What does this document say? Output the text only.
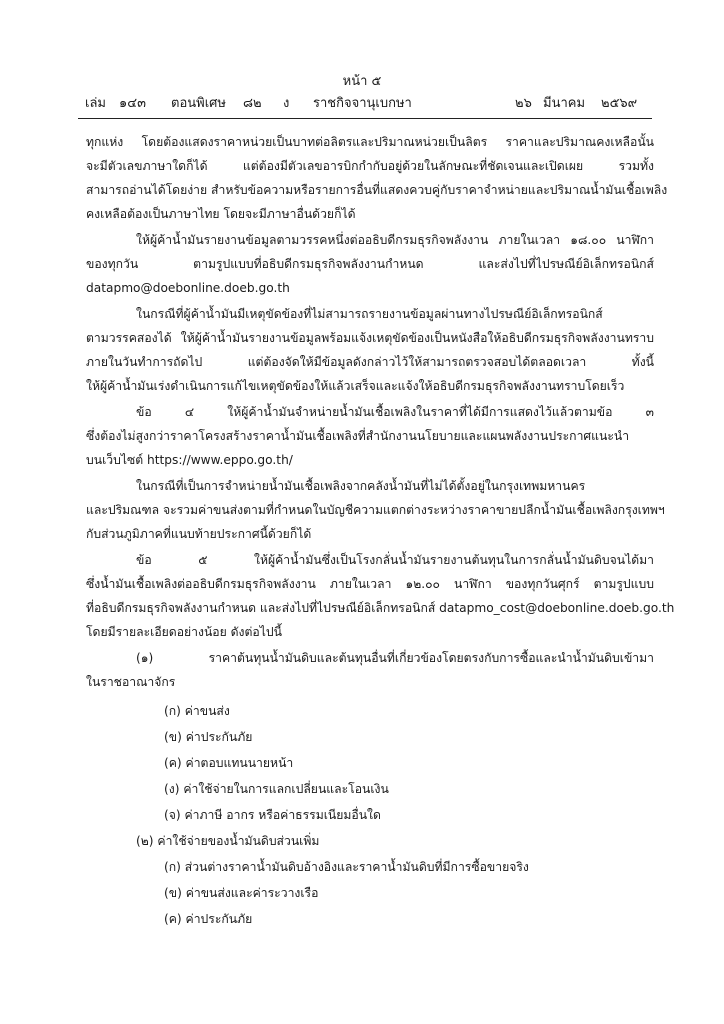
หน้า ๕
เล่ม ๑๔๓ ตอนพิเศษ ๘๒ ง ราชกิจจานุเบกษา	๒๖ มีนาคม ๒๕๖๙
ทุกแห่ง โดยต้องแสดงราคาหน่วยเป็นบาทต่อลิตรและปริมาณหน่วยเป็นลิตร ราคาและปริมาณคงเหลือนั้น
จะมีตัวเลขภาษาใดก็ได้ แต่ต้องมีตัวเลขอารบิกกำกับอยู่ด้วยในลักษณะที่ชัดเจนและเปิดเผย รวมทั้ง
สามารถอ่านได้โดยง่าย สำหรับข้อความหรือรายการอื่นที่แสดงควบคู่กับราคาจำหน่ายและปริมาณน้ำมันเชื้อเพลิง
คงเหลือต้องเป็นภาษาไทย โดยจะมีภาษาอื่นด้วยก็ได้
ให้ผู้ค้าน้ำมันรายงานข้อมูลตามวรรคหนึ่งต่ออธิบดีกรมธุรกิจพลังงาน ภายในเวลา ๑๘.๐๐ นาฬิกา
ของทุกวัน ตามรูปแบบที่อธิบดีกรมธุรกิจพลังงานกำหนด และส่งไปที่ไปรษณีย์อิเล็กทรอนิกส์
datapmo@doebonline.doeb.go.th
ในกรณีที่ผู้ค้าน้ำมันมีเหตุขัดข้องที่ไม่สามารถรายงานข้อมูลผ่านทางไปรษณีย์อิเล็กทรอนิกส์
ตามวรรคสองได้ ให้ผู้ค้าน้ำมันรายงานข้อมูลพร้อมแจ้งเหตุขัดข้องเป็นหนังสือให้อธิบดีกรมธุรกิจพลังงานทราบ
ภายในวันทำการถัดไป แต่ต้องจัดให้มีข้อมูลดังกล่าวไว้ให้สามารถตรวจสอบได้ตลอดเวลา ทั้งนี้
ให้ผู้ค้าน้ำมันเร่งดำเนินการแก้ไขเหตุขัดข้องให้แล้วเสร็จและแจ้งให้อธิบดีกรมธุรกิจพลังงานทราบโดยเร็ว
ข้อ ๔ ให้ผู้ค้าน้ำมันจำหน่ายน้ำมันเชื้อเพลิงในราคาที่ได้มีการแสดงไว้แล้วตามข้อ ๓
ซึ่งต้องไม่สูงกว่าราคาโครงสร้างราคาน้ำมันเชื้อเพลิงที่สำนักงานนโยบายและแผนพลังงานประกาศแนะนำ
บนเว็บไซต์ https://www.eppo.go.th/
ในกรณีที่เป็นการจำหน่ายน้ำมันเชื้อเพลิงจากคลังน้ำมันที่ไม่ได้ตั้งอยู่ในกรุงเทพมหานคร
และปริมณฑล จะรวมค่าขนส่งตามที่กำหนดในบัญชีความแตกต่างระหว่างราคาขายปลีกน้ำมันเชื้อเพลิงกรุงเทพฯ
กับส่วนภูมิภาคที่แนบท้ายประกาศนี้ด้วยก็ได้
ข้อ ๕ ให้ผู้ค้าน้ำมันซึ่งเป็นโรงกลั่นน้ำมันรายงานต้นทุนในการกลั่นน้ำมันดิบจนได้มา
ซึ่งน้ำมันเชื้อเพลิงต่ออธิบดีกรมธุรกิจพลังงาน ภายในเวลา ๑๒.๐๐ นาฬิกา ของทุกวันศุกร์ ตามรูปแบบ
ที่อธิบดีกรมธุรกิจพลังงานกำหนด และส่งไปที่ไปรษณีย์อิเล็กทรอนิกส์ datapmo_cost@doebonline.doeb.go.th
โดยมีรายละเอียดอย่างน้อย ดังต่อไปนี้
(๑) ราคาต้นทุนน้ำมันดิบและต้นทุนอื่นที่เกี่ยวข้องโดยตรงกับการซื้อและนำน้ำมันดิบเข้ามา
ในราชอาณาจักร
(ก) ค่าขนส่ง
(ข) ค่าประกันภัย
(ค) ค่าตอบแทนนายหน้า
(ง) ค่าใช้จ่ายในการแลกเปลี่ยนและโอนเงิน
(จ) ค่าภาษี อากร หรือค่าธรรมเนียมอื่นใด
(๒) ค่าใช้จ่ายของน้ำมันดิบส่วนเพิ่ม
(ก) ส่วนต่างราคาน้ำมันดิบอ้างอิงและราคาน้ำมันดิบที่มีการซื้อขายจริง
(ข) ค่าขนส่งและค่าระวางเรือ
(ค) ค่าประกันภัย
